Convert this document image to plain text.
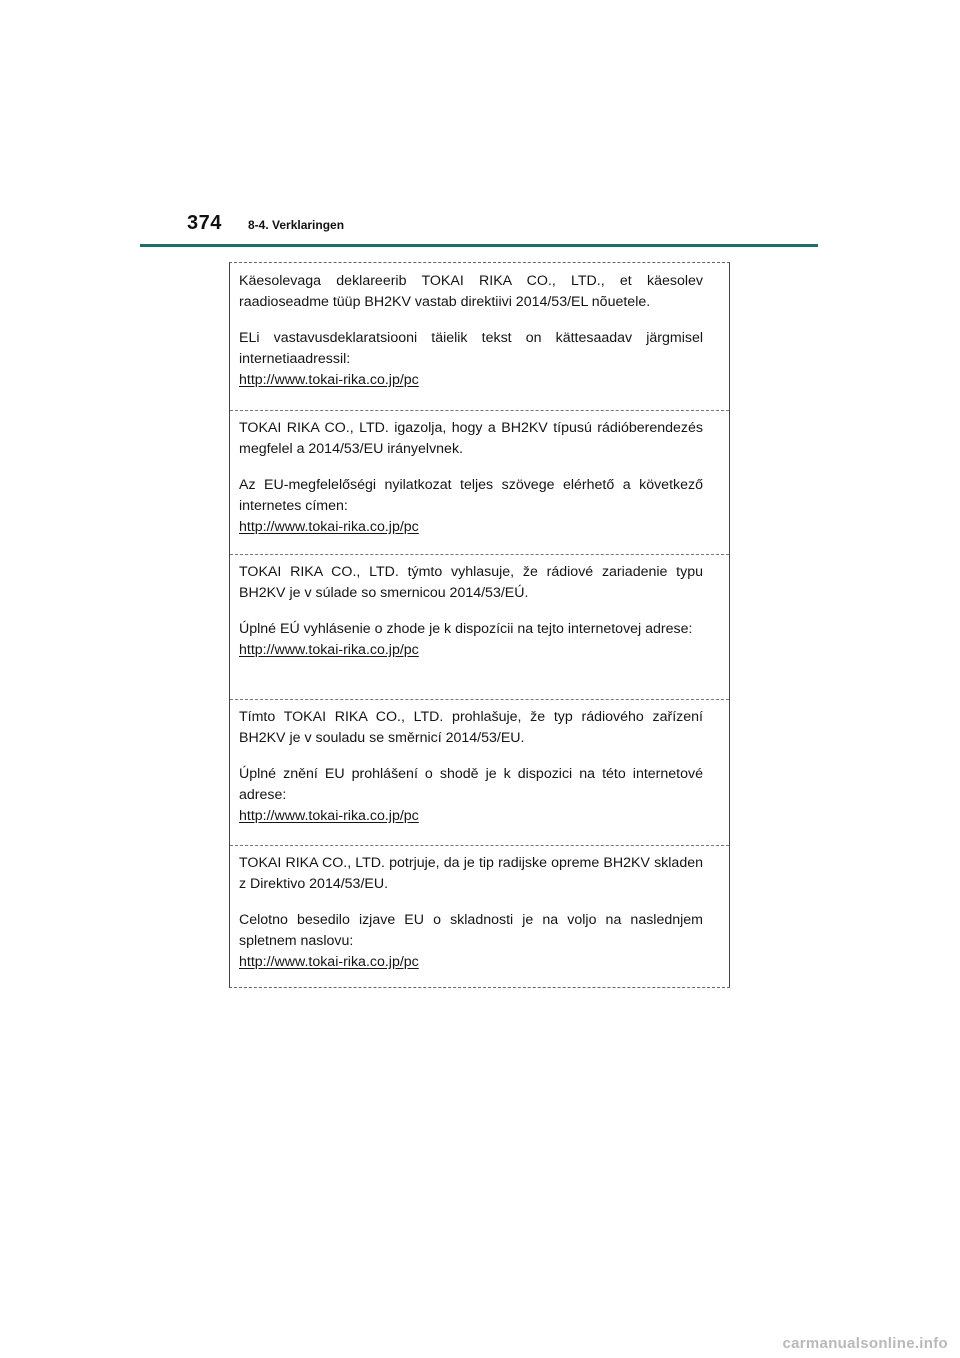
374 8-4. Verklaringen

Käesolevaga deklareerib TOKAI RIKA CO., LTD., et käesolev raadioseadme tüüp BH2KV vastab direktiivi 2014/53/EL nõuetele.

ELi vastavusdeklaratsiooni täielik tekst on kättesaadav järgmisel internetiaadressil:

http://www.tokai-rika.co.jp/pc

TOKAI RIKA CO., LTD. igazolja, hogy a BH2KV típusú rádióberendezés megfelel a 2014/53/EU irányelvnek.

Az EU-megfelelőségi nyilatkozat teljes szövege elérhető a következő internetes címen:

http://www.tokai-rika.co.jp/pc

TOKAI RIKA CO., LTD. týmto vyhlasuje, že rádiové zariadenie typu BH2KV je v súlade so smernicou 2014/53/EÚ.

Úplné EÚ vyhlásenie o zhode je k dispozícii na tejto internetovej adrese:

http://www.tokai-rika.co.jp/pc

Tímto TOKAI RIKA CO., LTD. prohlašuje, že typ rádiového zařízení BH2KV je v souladu se směrnicí 2014/53/EU.

Úplné znění EU prohlášení o shodě je k dispozici na této internetové adrese:

http://www.tokai-rika.co.jp/pc

TOKAI RIKA CO., LTD. potrjuje, da je tip radijske opreme BH2KV skladen z Direktivo 2014/53/EU.

Celotno besedilo izjave EU o skladnosti je na voljo na naslednjem spletnem naslovu:

http://www.tokai-rika.co.jp/pc

carmanualsonline.info
